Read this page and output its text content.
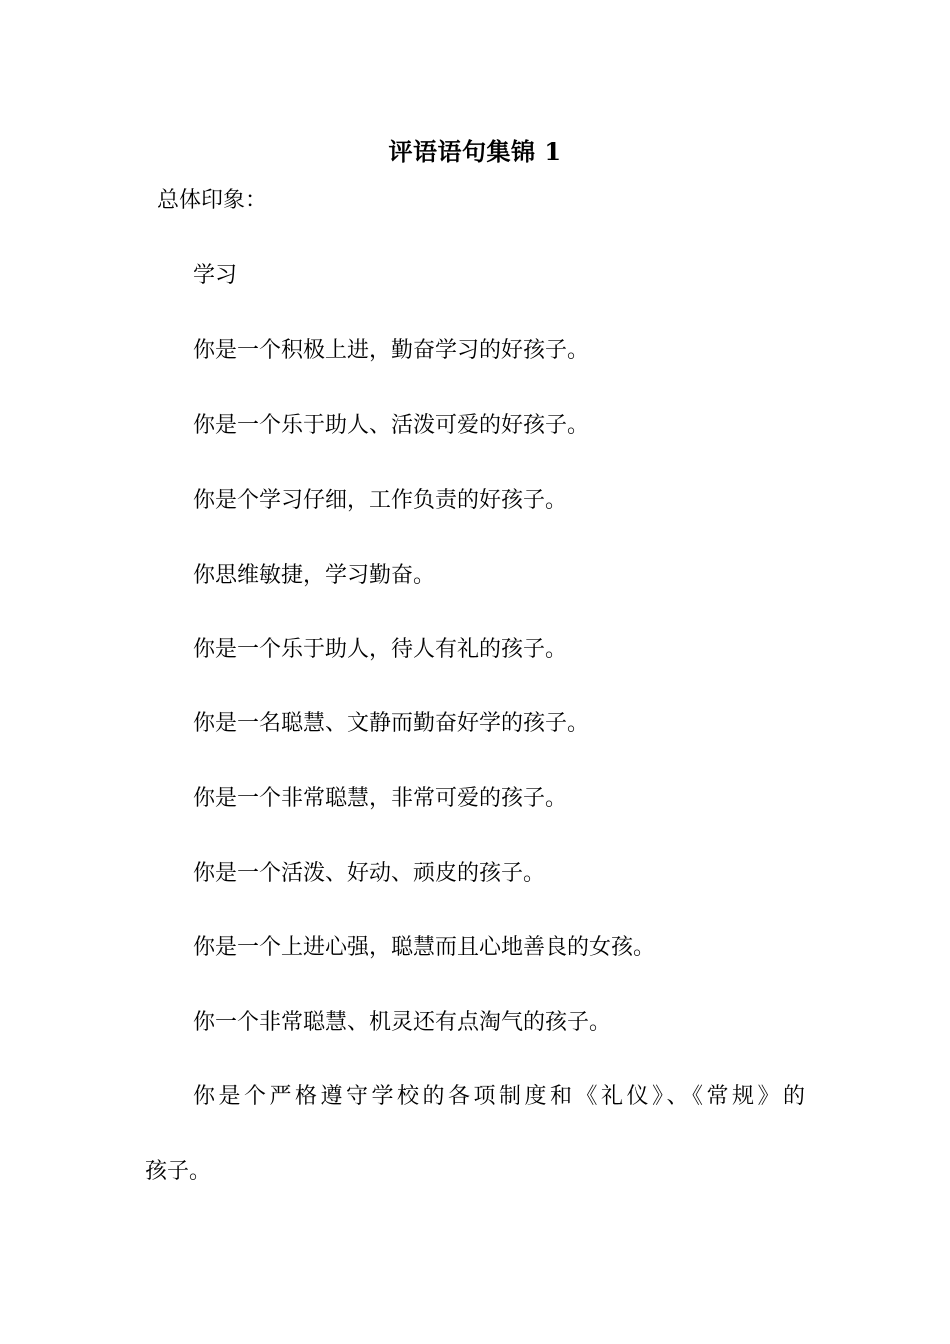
评语语句集锦 1
总体印象：
学习
你是一个积极上进，勤奋学习的好孩子。
你是一个乐于助人、活泼可爱的好孩子。
你是个学习仔细，工作负责的好孩子。
你思维敏捷，学习勤奋。
你是一个乐于助人，待人有礼的孩子。
你是一名聪慧、文静而勤奋好学的孩子。
你是一个非常聪慧，非常可爱的孩子。
你是一个活泼、好动、顽皮的孩子。
你是一个上进心强，聪慧而且心地善良的女孩。
你一个非常聪慧、机灵还有点淘气的孩子。
你是个严格遵守学校的各项制度和《礼仪》、《常规》的
孩子。
